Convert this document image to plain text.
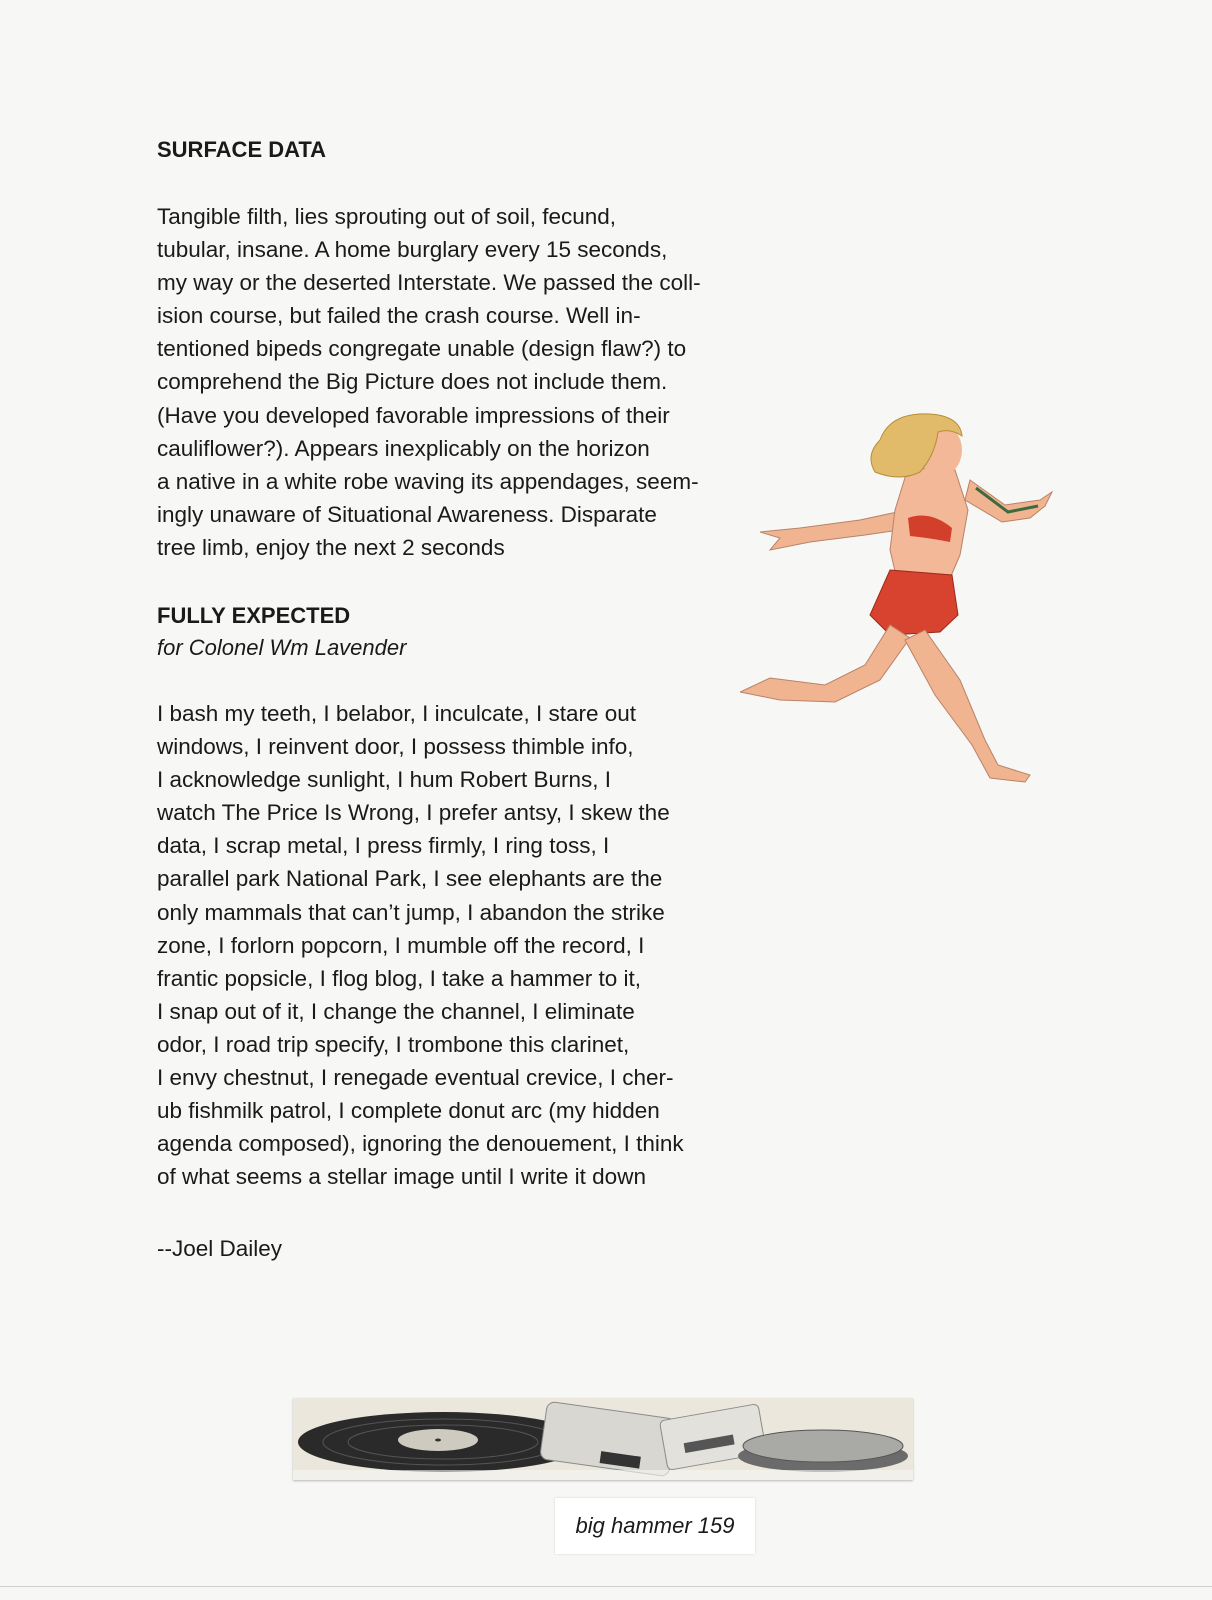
SURFACE DATA

Tangible filth, lies sprouting out of soil, fecund,

tubular, insane. A home burglary every 15 seconds,

my way or the deserted Interstate. We passed the coll-

ision course, but failed the crash course. Well in-

tentioned bipeds congregate unable (design flaw?) to

comprehend the Big Picture does not include them.

(Have you developed favorable impressions of their

cauliflower?). Appears inexplicably on the horizon

a native in a white robe waving its appendages, seem-

ingly unaware of Situational Awareness. Disparate

tree limb, enjoy the next 2 seconds

FULLY EXPECTED

for Colonel Wm Lavender

I bash my teeth, I belabor, I inculcate, I stare out

windows, I reinvent door, I possess thimble info,

I acknowledge sunlight, I hum Robert Burns, I

watch The Price Is Wrong, I prefer antsy, I skew the

data, I scrap metal, I press firmly, I ring toss, I

parallel park National Park, I see elephants are the

only mammals that can’t jump, I abandon the strike

zone, I forlorn popcorn, I mumble off the record, I

frantic popsicle, I flog blog, I take a hammer to it,

I snap out of it, I change the channel, I eliminate

odor, I road trip specify, I trombone this clarinet,

I envy chestnut, I renegade eventual crevice, I cher-

ub fishmilk patrol, I complete donut arc (my hidden

agenda composed), ignoring the denouement, I think

of what seems a stellar image until I write it down

--Joel Dailey

big hammer 159
